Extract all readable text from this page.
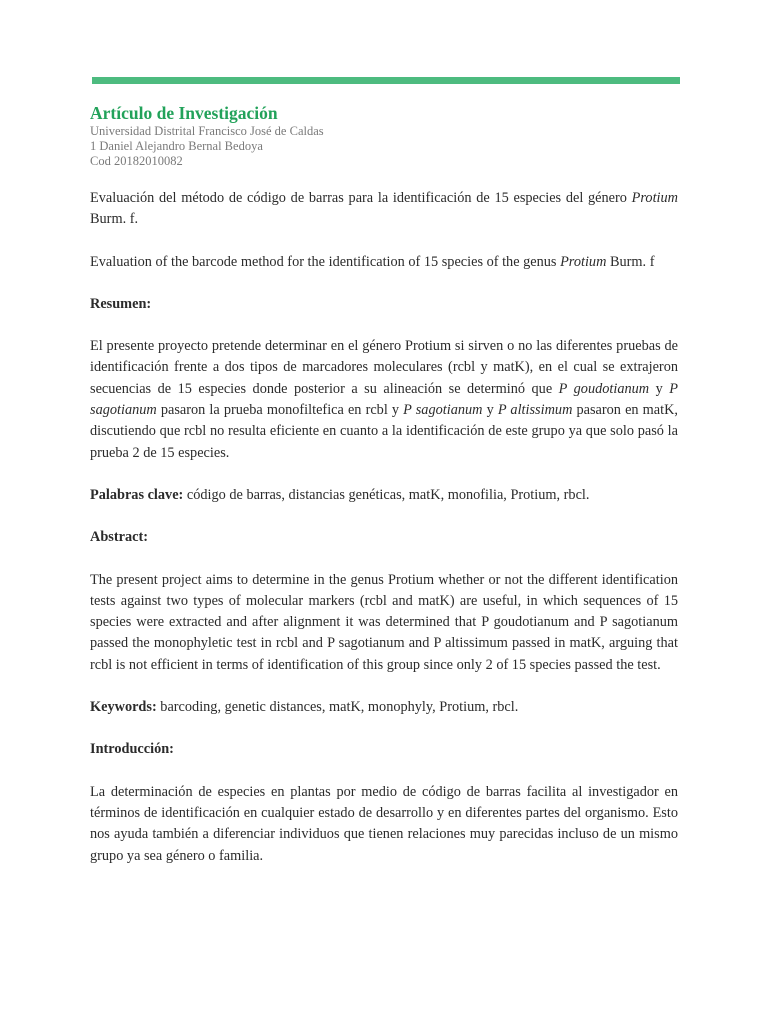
Artículo de Investigación
Universidad Distrital Francisco José de Caldas
1 Daniel Alejandro Bernal Bedoya
Cod 20182010082

Evaluación del método de código de barras para la identificación de 15 especies del género Protium Burm. f.

Evaluation of the barcode method for the identification of 15 species of the genus Protium Burm. f

Resumen:

El presente proyecto pretende determinar en el género Protium si sirven o no las diferentes pruebas de identificación frente a dos tipos de marcadores moleculares (rcbl y matK), en el cual se extrajeron secuencias de 15 especies donde posterior a su alineación se determinó que P goudotianum y P sagotianum pasaron la prueba monofiltefica en rcbl y P sagotianum y P altissimum pasaron en matK, discutiendo que rcbl no resulta eficiente en cuanto a la identificación de este grupo ya que solo pasó la prueba 2 de 15 especies.

Palabras clave: código de barras, distancias genéticas, matK, monofilia, Protium, rbcl.

Abstract:

The present project aims to determine in the genus Protium whether or not the different identification tests against two types of molecular markers (rcbl and matK) are useful, in which sequences of 15 species were extracted and after alignment it was determined that P goudotianum and P sagotianum passed the monophyletic test in rcbl and P sagotianum and P altissimum passed in matK, arguing that rcbl is not efficient in terms of identification of this group since only 2 of 15 species passed the test.

Keywords: barcoding, genetic distances, matK, monophyly, Protium, rbcl.

Introducción:

La determinación de especies en plantas por medio de código de barras facilita al investigador en términos de identificación en cualquier estado de desarrollo y en diferentes partes del organismo. Esto nos ayuda también a diferenciar individuos que tienen relaciones muy parecidas incluso de un mismo grupo ya sea género o familia.
